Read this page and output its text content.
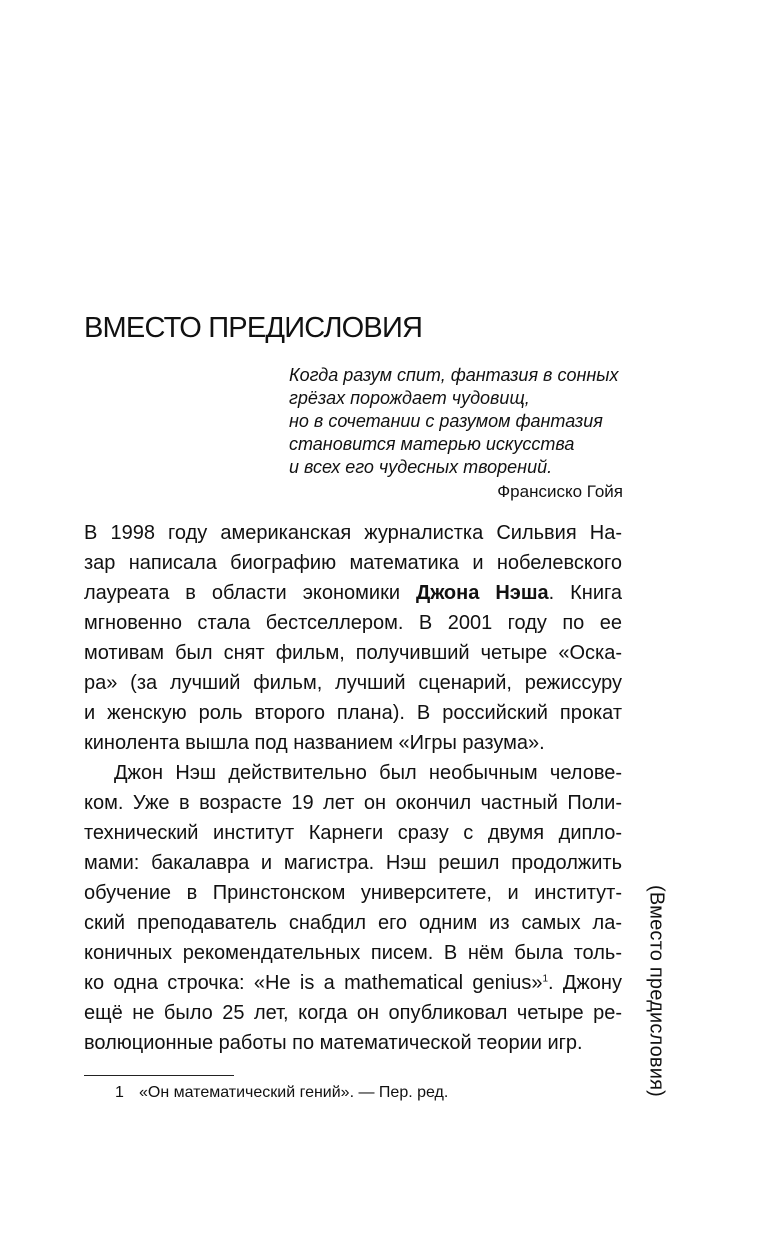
ВМЕСТО ПРЕДИСЛОВИЯ
Когда разум спит, фантазия в сонных
грёзах порождает чудовищ,
но в сочетании с разумом фантазия
становится матерью искусства
и всех его чудесных творений.
Франсиско Гойя
В 1998 году американская журналистка Сильвия На-
зар написала биографию математика и нобелевского
лауреата в области экономики Джона Нэша. Книга
мгновенно стала бестселлером. В 2001 году по ее
мотивам был снят фильм, получивший четыре «Оска-
ра» (за лучший фильм, лучший сценарий, режиссуру
и женскую роль второго плана). В российский прокат
кинолента вышла под названием «Игры разума».
Джон Нэш действительно был необычным челове-
ком. Уже в возрасте 19 лет он окончил частный Поли-
технический институт Карнеги сразу с двумя дипло-
мами: бакалавра и магистра. Нэш решил продолжить
обучение в Принстонском университете, и институт-
ский преподаватель снабдил его одним из самых ла-
коничных рекомендательных писем. В нём была толь-
ко одна строчка: «He is a mathematical genius»$^1$. Джону
ещё не было 25 лет, когда он опубликовал четыре ре-
волюционные работы по математической теории игр.
1 «Он математический гений». — Пер. ред.	(Вместо предисловия)
